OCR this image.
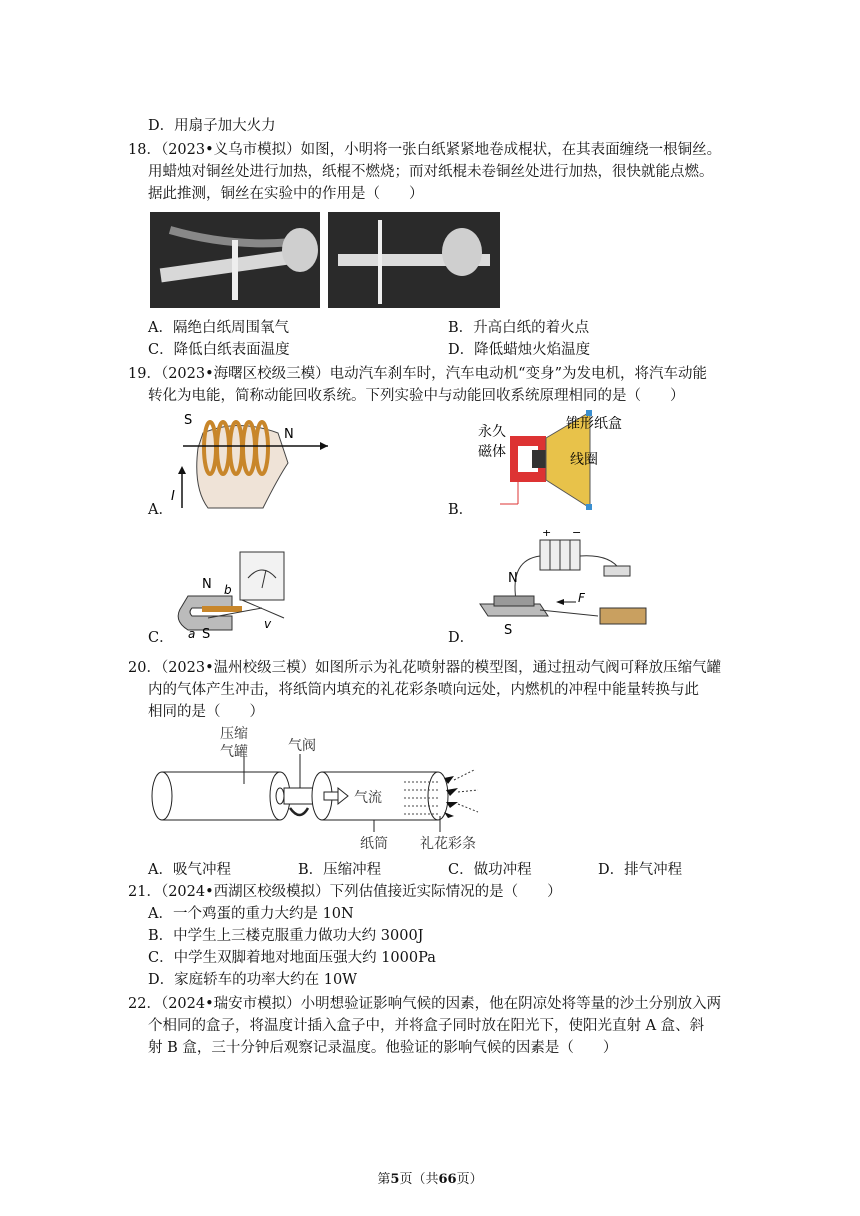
D．用扇子加大火力
18．（2023•义乌市模拟）如图，小明将一张白纸紧紧地卷成棍状，在其表面缠绕一根铜丝。
用蜡烛对铜丝处进行加热，纸棍不燃烧；而对纸棍未卷铜丝处进行加热，很快就能点燃。
据此推测，铜丝在实验中的作用是（　　）
A．隔绝白纸周围氧气	B．升高白纸的着火点
C．降低白纸表面温度	D．降低蜡烛火焰温度
19．（2023•海曙区校级三模）电动汽车刹车时，汽车电动机“变身”为发电机，将汽车动能
转化为电能，简称动能回收系统。下列实验中与动能回收系统原理相同的是（　　）
S
N
I
A．
永久
磁体
锥形纸盒
线圈
B．
N
S
a
b
v
C．
+ −
N
S
F
D．
20．（2023•温州校级三模）如图所示为礼花喷射器的模型图，通过扭动气阀可释放压缩气罐
内的气体产生冲击，将纸筒内填充的礼花彩条喷向远处，内燃机的冲程中能量转换与此
相同的是（　　）
压缩
气罐	气阀
气流
纸筒 礼花彩条
A．吸气冲程	B．压缩冲程	C．做功冲程	D．排气冲程
21．（2024•西湖区校级模拟）下列估值接近实际情况的是（　　）
A．一个鸡蛋的重力大约是 10N
B．中学生上三楼克服重力做功大约 3000J
C．中学生双脚着地对地面压强大约 1000Pa
D．家庭轿车的功率大约在 10W
22．（2024•瑞安市模拟）小明想验证影响气候的因素，他在阴凉处将等量的沙土分别放入两
个相同的盒子，将温度计插入盒子中，并将盒子同时放在阳光下，使阳光直射 A 盒、斜
射 B 盒，三十分钟后观察记录温度。他验证的影响气候的因素是（　　）
第5页（共66页）
